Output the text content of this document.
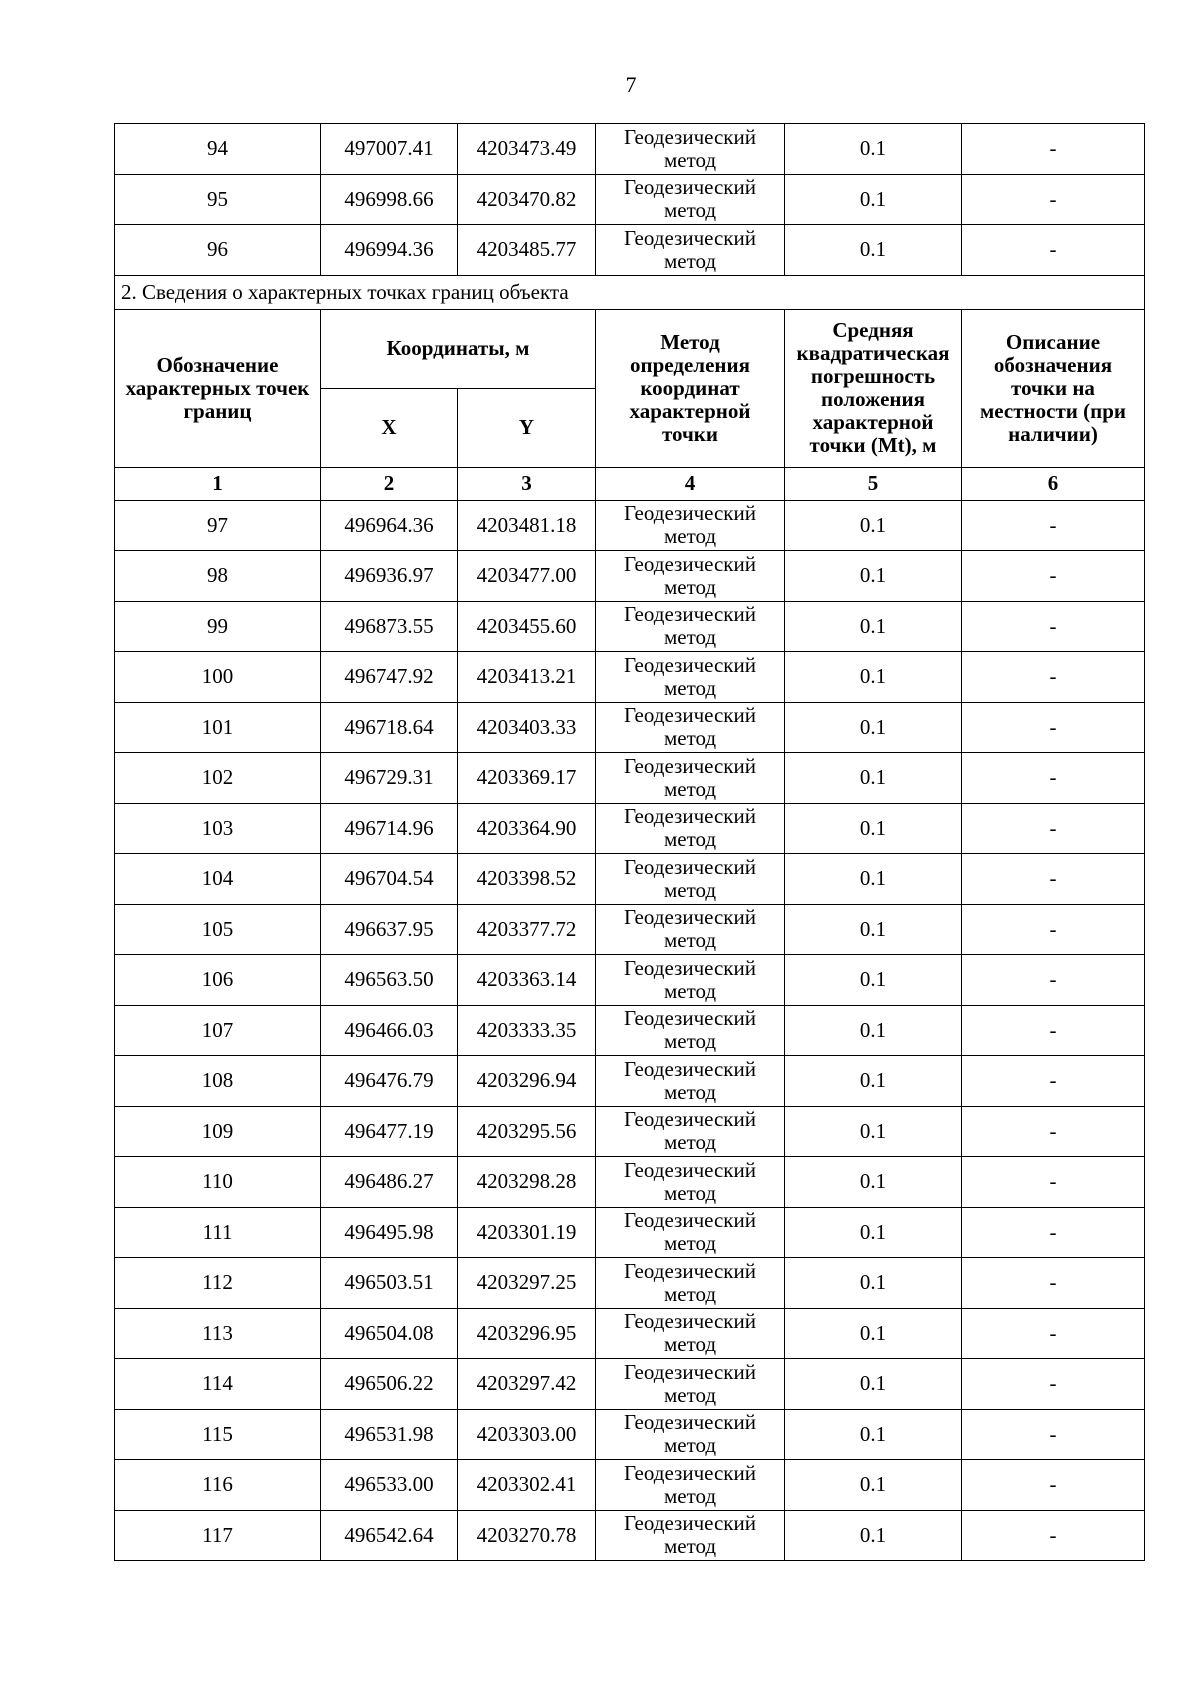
7
94	497007.41	4203473.49	Геодезический метод	0.1	-
95	496998.66	4203470.82	Геодезический метод	0.1	-
96	496994.36	4203485.77	Геодезический метод	0.1	-
2. Сведения о характерных точках границ объекта					
Обозначение характерных точек границ	Координаты, м		Метод определения координат характерной точки	Средняя квадратическая погрешность положения характерной точки (Mt), м	Описание обозначения точки на местности (при наличии)
	X	Y			
1	2	3	4	5	6
97	496964.36	4203481.18	Геодезический метод	0.1	-
98	496936.97	4203477.00	Геодезический метод	0.1	-
99	496873.55	4203455.60	Геодезический метод	0.1	-
100	496747.92	4203413.21	Геодезический метод	0.1	-
101	496718.64	4203403.33	Геодезический метод	0.1	-
102	496729.31	4203369.17	Геодезический метод	0.1	-
103	496714.96	4203364.90	Геодезический метод	0.1	-
104	496704.54	4203398.52	Геодезический метод	0.1	-
105	496637.95	4203377.72	Геодезический метод	0.1	-
106	496563.50	4203363.14	Геодезический метод	0.1	-
107	496466.03	4203333.35	Геодезический метод	0.1	-
108	496476.79	4203296.94	Геодезический метод	0.1	-
109	496477.19	4203295.56	Геодезический метод	0.1	-
110	496486.27	4203298.28	Геодезический метод	0.1	-
111	496495.98	4203301.19	Геодезический метод	0.1	-
112	496503.51	4203297.25	Геодезический метод	0.1	-
113	496504.08	4203296.95	Геодезический метод	0.1	-
114	496506.22	4203297.42	Геодезический метод	0.1	-
115	496531.98	4203303.00	Геодезический метод	0.1	-
116	496533.00	4203302.41	Геодезический метод	0.1	-
117	496542.64	4203270.78	Геодезический метод	0.1	-
